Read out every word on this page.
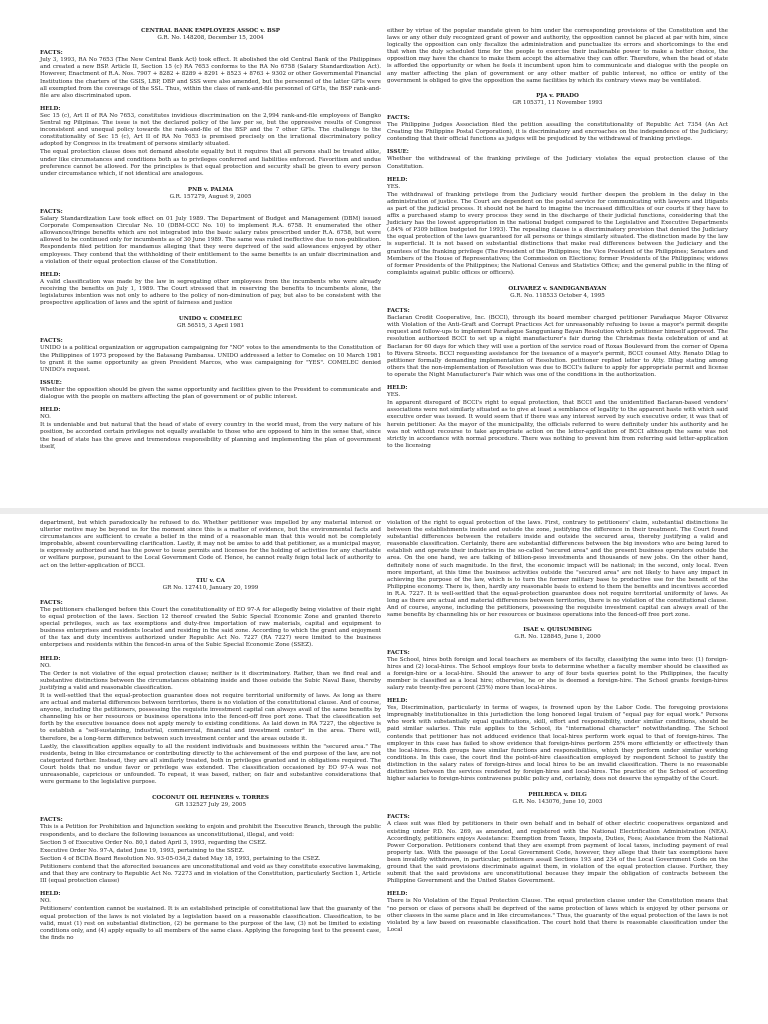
CENTRAL BANK EMPLOYEES ASSOC v. BSP

G.R. No. 148208, December 15, 2004

FACTS:

July 3, 1993, RA No 7653 (The New Central Bank Act) took effect. It abolished the old Central Bank of the Philippines and created a new BSP. Article II, Section 15 (c) RA 7653 conforms to the RA No 6758 (Salary Standardization Act). However, Enactment of R.A. Nos. 7907 + 8282 + 8289 + 8291 + 8523 + 8763 + 9302 or other Governmental Financial Institutions the charters of the GSIS, LBP, DBP and SSS were also amended, but the personnel of the latter GFIs were all exempted from the coverage of the SSL. Thus, within the class of rank-and-file personnel of GFIs, the BSP rank-and-file are also discriminated upon.

HELD:

Sec 15 (c), Art II of RA No 7653, constitutes invidious discrimination on the 2,994 rank-and-file employees of Bangko Sentral ng Pilipinas. The issue is not the declared policy of the law per se, but the oppressive results of Congress inconsistent and unequal policy towards the rank-and-file of the BSP and the 7 other GFIs. The challenge to the constitutionality of Sec 15 (c), Art II of RA No 7653 is premised precisely on the irrational discriminatory policy adopted by Congress in its treatment of persons similarly situated.

The equal protection clause does not demand absolute equality but it requires that all persons shall be treated alike, under like circumstances and conditions both as to privileges conferred and liabilities enforced. Favoritism and undue preference cannot be allowed. For the principles is that equal protection and security shall be given to every person under circumstance which, if not identical are analogous.

PNB v. PALMA

G.R. 157279, August 9, 2005

FACTS:

Salary Standardization Law took effect on 01 July 1989. The Department of Budget and Management (DBM) issued Corporate Compensation Circular No. 10 (DBM-CCC No. 10) to implement R.A. 6758. It enumerated the other allowances/fringe benefits which are not integrated into the basic salary rates prescribed under R.A. 6758, but were allowed to be continued only for incumbents as of 30 June 1989. The same was ruled ineffective due to non-publication. Respondents filed petition for mandamus alleging that they were deprived of the said allowances enjoyed by other employees. They contend that the withholding of their entitlement to the same benefits is an unfair discrimination and a violation of their equal protection clause of the Constitution.

HELD:

A valid classification was made by the law in segregating other employees from the incumbents who were already receiving the benefits on July 1, 1989. The Court stressed that in reserving the benefits to incumbents alone, the legislatures intention was not only to adhere to the policy of non-diminution of pay, but also to be consistent with the prospective application of laws and the spirit of fairness and justice

UNIDO v. COMELEC

GR 56515, 3 April 1981

FACTS:

UNIDO is a political organization or aggrupation campaigning for "NO" votes to the amendments to the Constitution of the Philippines of 1973 proposed by the Batasang Pambansa. UNIDO addressed a letter to Comelec on 10 March 1981 to grant it the same opportunity as given President Marcos, who was campaigning for "YES". COMELEC denied UNIDO's request.

ISSUE:

Whether the opposition should be given the same opportunity and facilities given to the President to communicate and dialogue with the people on matters affecting the plan of government or of public interest.

HELD:

NO.

It is undeniable and but natural that the head of state of every country in the world must, from the very nature of his position, be accorded certain privileges not equally available to those who are opposed to him in the sense that, since the head of state has the grave and tremendous responsibility of planning and implementing the plan of government itself,

either by virtue of the popular mandate given to him under the corresponding provisions of the Constitution and the laws or any other duly recognized grant of power and authority, the opposition cannot be placed at par with him, since logically the opposition can only fiscalize the administration and punctualize its errors and shortcomings to the end that when the duly scheduled time for the people to exercise their inalienable power to make a better choice, the opposition may have the chance to make them accept the alternative they can offer. Therefore, when the head of state is afforded the opportunity or when he feels it incumbent upon him to communicate and dialogue with the people on any matter affecting the plan of government or any other matter of public interest, no office or entity of the government is obliged to give the opposition the same facilities by which its contrary views may be ventilated.

PJA v. PRADO

GR 105371, 11 November 1993

FACTS:

The Philippine Judges Association filed the petition assailing the constitutionality of Republic Act 7354 (An Act Creating the Philippine Postal Corporation), it is discriminatory and encroaches on the independence of the Judiciary; contending that their official functions as judges will be prejudiced by the withdrawal of franking privilege.

ISSUE:

Whether the withdrawal of the franking privilege of the Judiciary violates the equal protection clause of the Constitution.

HELD:

YES.

The withdrawal of franking privilege from the Judiciary would further deepen the problem in the delay in the administration of justice. The Court are dependent on the postal service for communicating with lawyers and litigants as part of the judicial process. It should not be hard to imagine the increased difficulties of our courts if they have to affix a purchased stamp to every process they send in the discharge of their judicial functions, considering that the Judiciary has the lowest appropriation in the national budget compared to the Legislative and Executive Departments (.84% of P309 billion budgeted for 1993). The repealing clause is a discriminatory provision that denied the Judiciary the equal protection of the laws guaranteed for all persons or things similarly situated. The distinction made by the law is superficial. It is not based on substantial distinctions that make real differences between the Judiciary and the grantees of the franking privilege (The President of the Philippines; the Vice President of the Philippines; Senators and Members of the House of Representatives; the Commission on Elections; former Presidents of the Philippines; widows of former Presidents of the Philippines; the National Census and Statistics Office; and the general public in the filing of complaints against public offices or officers).

OLIVAREZ v. SANDIGANBAYAN

G.R. No. 118533 October 4, 1995

FACTS:

Baclaran Credit Cooperative, Inc. (BCCI), through its board member charged petitioner Parañaque Mayor Olivarez with Violation of the Anti-Graft and Corrupt Practices Act for unreasonably refusing to issue a mayor's permit despite request and follow-ups to implement Parañaque Sangguniang Bayan Resolution which petitioner himself approved. The resolution authorized BCCI to set up a night manufacturer's fair during the Christmas fiesta celebration of and at Baclaran for 60 days for which they will use a portion of the service road of Roxas Boulevard from the corner of Opena to Rivera Streets. BCCI requesting assistance for the issuance of a mayor's permit, BCCI counsel Atty. Renato Dilag to petitioner formally demanding implementation of Resolution. petitioner replied letter to Atty. Dilag stating among others that the non-implementation of Resolution was due to BCCI's failure to apply for appropriate permit and license to operate the Night Manufacturer's Fair which was one of the conditions in the authorization.

HELD:

YES.

In apparent disregard of BCCI's right to equal protection, that BCCI and the unidentified Baclaran-based vendors' associations were not similarly situated as to give at least a semblance of legality to the apparent haste with which said executive order was issued. It would seem that if there was any interest served by such executive order, it was that of herein petitioner. As the mayor of the municipality, the officials referred to were definitely under his authority and he was not without recourse to take appropriate action on the letter-application of BCCI although the same was not strictly in accordance with normal procedure. There was nothing to prevent him from referring said letter-application to the licensing

department, but which paradoxically he refused to do. Whether petitioner was impelled by any material interest or ulterior motive may be beyond us for the moment since this is a matter of evidence, but the environmental facts and circumstances are sufficient to create a belief in the mind of a reasonable man that this would not be completely improbable, absent countervailing clarification. Lastly, it may not be amiss to add that petitioner, as a municipal mayor, is expressly authorized and has the power to issue permits and licenses for the holding of activities for any charitable or welfare purpose, pursuant to the Local Government Code of. Hence, he cannot really feign total lack of authority to act on the letter-application of BCCI.

TIU v. CA

GR No. 127410, January 20, 1999

FACTS:

The petitioners challenged before this Court the constitutionality of EO 97-A for allegedly being violative of their right to equal protection of the laws. Section 12 thereof created the Subic Special Economic Zone and granted thereto special privileges, such as tax exemptions and duty-free importation of raw materials, capital and equipment to business enterprises and residents located and residing in the said zone. According to which the grant and enjoyment of the tax and duty incentives authorized under Republic Act No. 7227 (RA 7227) were limited to the business enterprises and residents within the fenced-in area of the Subic Special Economic Zone (SSEZ).

HELD:

NO.

The Order is not violative of the equal protection clause; neither is it discriminatory. Rather, than we find real and substantive distinctions between the circumstances obtaining inside and those outside the Subic Naval Base, thereby justifying a valid and reasonable classification.

It is well-settled that the equal-protection guarantee does not require territorial uniformity of laws. As long as there are actual and material differences between territories, there is no violation of the constitutional clause. And of course, anyone, including the petitioners, possessing the requisite investment capital can always avail of the same benefits by channeling his or her resources or business operations into the fenced-off free port zone. That the classification set forth by the executive issuance does not apply merely to existing conditions. As laid down in RA 7227, the objective is to establish a "self-sustaining, industrial, commercial, financial and investment center" in the area. There will, therefore, be a long-term difference between such investment center and the areas outside it.

Lastly, the classification applies equally to all the resident individuals and businesses within the "secured area." The residents, being in like circumstance or contributing directly to the achievement of the end purpose of the law, are not categorized further. Instead, they are all similarly treated, both in privileges granted and in obligations required. The Court holds that no undue favor or privilege was extended. The classification occasioned by EO 97-A was not unreasonable, capricious or unfounded. To repeat, it was based, rather, on fair and substantive considerations that were germane to the legislative purpose.

COCONUT OIL REFINERS v. TORRES

GR 132527 July 29, 2005

FACTS:

This is a Petition for Prohibition and Injunction seeking to enjoin and prohibit the Executive Branch, through the public respondents, and to declare the following issuances as unconstitutional, illegal, and void:

Section 5 of Executive Order No. 80,1 dated April 3, 1993, regarding the CSEZ.

Executive Order No. 97-A, dated June 19, 1993, pertaining to the SSEZ.

Section 4 of BCDA Board Resolution No. 93-05-034,2 dated May 18, 1993, pertaining to the CSEZ.

Petitioners contend that the aforecited issuances are unconstitutional and void as they constitute executive lawmaking, and that they are contrary to Republic Act No. 72273 and in violation of the Constitution, particularly Section 1, Article III (equal protection clause)

HELD:

NO.

Petitioners' contention cannot be sustained. It is an established principle of constitutional law that the guaranty of the equal protection of the laws is not violated by a legislation based on a reasonable classification. Classification, to be valid, must (1) rest on substantial distinction, (2) be germane to the purpose of the law, (3) not be limited to existing conditions only, and (4) apply equally to all members of the same class. Applying the foregoing test to the present case, the finds no

violation of the right to equal protection of the laws. First, contrary to petitioners' claim, substantial distinctions lie between the establishments inside and outside the zone, justifying the difference in their treatment. The Court found substantial differences between the retailers inside and outside the secured area, thereby justifying a valid and reasonable classification. Certainly, there are substantial differences between the big investors who are being lured to establish and operate their industries in the so-called "secured area" and the present business operators outside the area. On the one hand, we are talking of billion-peso investments and thousands of new jobs. On the other hand, definitely none of such magnitude. In the first, the economic impact will be national; in the second, only local. Even more important, at this time the business activities outside the "secured area" are not likely to have any impact in achieving the purpose of the law, which is to turn the former military base to productive use for the benefit of the Philippine economy. There is, then, hardly any reasonable basis to extend to them the benefits and incentives accorded in R.A. 7227. It is well-settled that the equal-protection guarantee does not require territorial uniformity of laws. As long as there are actual and material differences between territories, there is no violation of the constitutional clause. And of course, anyone, including the petitioners, possessing the requisite investment capital can always avail of the same benefits by channeling his or her resources or business operations into the fenced-off free port zone.

ISAE v. QUISUMBING

G.R. No. 128845, June 1, 2000

FACTS:

The School, hires both foreign and local teachers as members of its faculty, classifying the same into two: (1) foreign-hires and (2) local-hires. The School employs four tests to determine whether a faculty member should be classified as a foreign-hire or a local-hire. Should the answer to any of four tests queries point to the Philippines, the faculty member is classified as a local hire; otherwise, he or she is deemed a foreign-hire. The School grants foreign-hires salary rate twenty-five percent (25%) more than local-hires.

HELD:

Yes, Discrimination, particularly in terms of wages, is frowned upon by the Labor Code. The foregoing provisions impregnably institutionalize in this jurisdiction the long honored legal truism of "equal pay for equal work." Persons who work with substantially equal qualifications, skill, effort and responsibility, under similar conditions, should be paid similar salaries. This rule applies to the School, its "international character" notwithstanding. The School contends that petitioner has not adduced evidence that local-hires perform work equal to that of foreign-hires. The employer in this case has failed to show evidence that foreign-hires perform 25% more efficiently or effectively than the local-hires. Both groups have similar functions and responsibilities, which they perform under similar working conditions. In this case, the court find the point-of-hire classification employed by respondent School to justify the distinction in the salary rates of foreign-hires and local hires to be an invalid classification. There is no reasonable distinction between the services rendered by foreign-hires and local-hires. The practice of the School of according higher salaries to foreign-hires contravenes public policy and, certainly, does not deserve the sympathy of the Court.

PHILRECA v. DILG

G.R. No. 143076, June 10, 2003

FACTS:

A class suit was filed by petitioners in their own behalf and in behalf of other electric cooperatives organized and existing under P.D. No. 269, as amended, and registered with the National Electrification Administration (NEA). Accordingly, petitioners enjoys Assistance: Exemption from Taxes, Imposts, Duties, Fees; Assistance from the National Power Corporation. Petitioners contend that they are exempt from payment of local taxes, including payment of real property tax. With the passage of the Local Government Code, however, they allege that their tax exemptions have been invalidly withdrawn, in particular, petitioners assail Sections 193 and 234 of the Local Government Code on the ground that the said provisions discriminate against them, in violation of the equal protection clause. Further, they submit that the said provisions are unconstitutional because they impair the obligation of contracts between the Philippine Government and the United States Government.

HELD:

There is No Violation of the Equal Protection Clause. The equal protection clause under the Constitution means that "no person or class of persons shall be deprived of the same protection of laws which is enjoyed by other persons or other classes in the same place and in like circumstances." Thus, the guaranty of the equal protection of the laws is not violated by a law based on reasonable classification. The court hold that there is reasonable classification under the Local
